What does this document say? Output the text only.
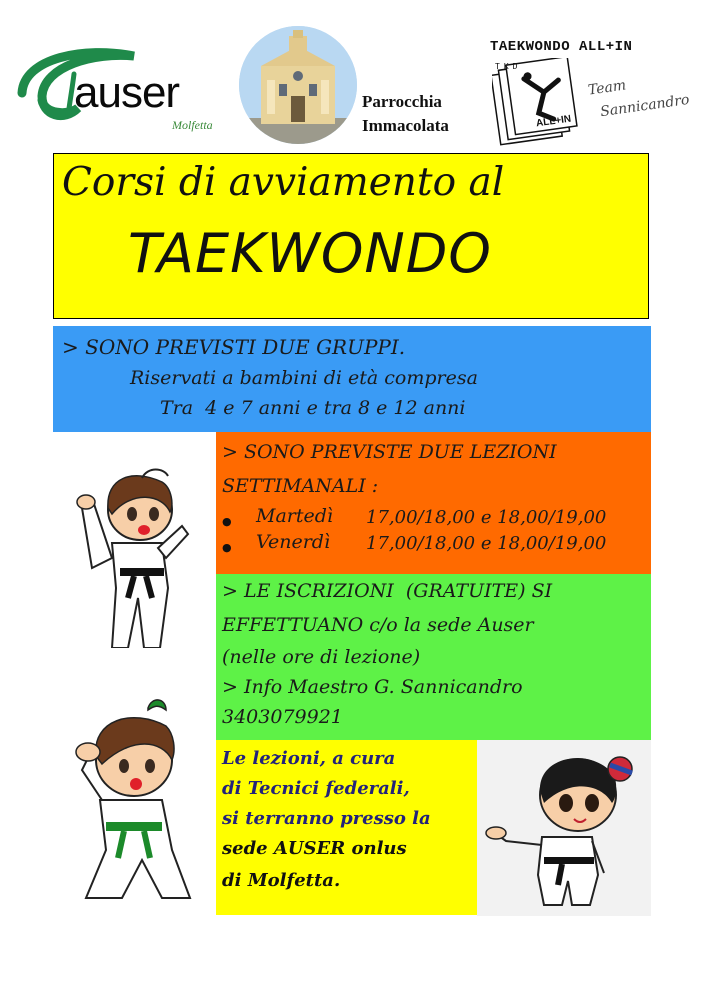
auser
Molfetta
Parrocchia
Immacolata
TAEKWONDO ALL+IN
TKD
ALL+IN
Team
Sannicandro
Corsi di avviamento al
TAEKWONDO
> SONO PREVISTI DUE GRUPPI.
Riservati a bambini di età compresa
Tra  4 e 7 anni e tra 8 e 12 anni
> SONO PREVISTE DUE LEZIONI
SETTIMANALI :
●
●
Martedì 17,00/18,00 e 18,00/19,00
Venerdì 17,00/18,00 e 18,00/19,00
> LE ISCRIZIONI  (GRATUITE) SI
EFFETTUANO c/o la sede Auser
(nelle ore di lezione)
> Info Maestro G. Sannicandro
3403079921
Le lezioni, a cura
di Tecnici federali,
si terranno presso la
sede AUSER onlus
di Molfetta.
